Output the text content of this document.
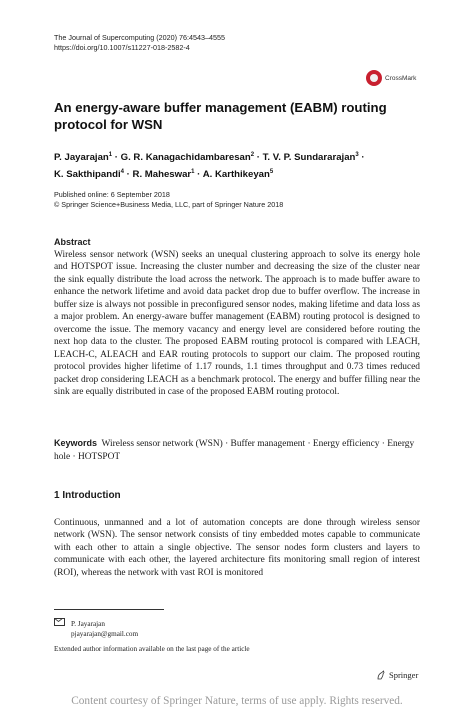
The Journal of Supercomputing (2020) 76:4543–4555
https://doi.org/10.1007/s11227-018-2582-4
CrossMark
An energy-aware buffer management (EABM) routing
protocol for WSN
P. Jayarajan$^1$ · G. R. Kanagachidambaresan$^2$ · T. V. P. Sundararajan$^3$ ·
K. Sakthipandi$^4$ · R. Maheswar$^1$ · A. Karthikeyan$^5$
Published online: 6 September 2018
© Springer Science+Business Media, LLC, part of Springer Nature 2018
Abstract
Wireless sensor network (WSN) seeks an unequal clustering approach to solve its energy hole and HOTSPOT issue. Increasing the cluster number and decreasing the size of the cluster near the sink equally distribute the load across the network. The approach is to made buffer aware to enhance the network lifetime and avoid data packet drop due to buffer overflow. The increase in buffer size is always not possible in preconfigured sensor nodes, making lifetime and data loss as a major problem. An energy-aware buffer management (EABM) routing protocol is designed to overcome the issue. The memory vacancy and energy level are considered before routing the next hop data to the cluster. The proposed EABM routing protocol is compared with LEACH, LEACH-C, ALEACH and EAR routing protocols to support our claim. The proposed routing protocol provides higher lifetime of 1.17 rounds, 1.1 times throughput and 0.73 times reduced packet drop considering LEACH as a benchmark protocol. The energy and buffer filling near the sink are equally distributed in case of the proposed EABM routing protocol.
Keywords Wireless sensor network (WSN) · Buffer management · Energy efficiency · Energy hole · HOTSPOT
1 Introduction
Continuous, unmanned and a lot of automation concepts are done through wireless sensor network (WSN). The sensor network consists of tiny embedded motes capable to communicate with each other to attain a single objective. The sensor nodes form clusters and layers to communicate with each other, the layered architecture fits monitoring small region of interest (ROI), whereas the network with vast ROI is monitored
P. Jayarajan
pjayarajan@gmail.com
Extended author information available on the last page of the article
Springer
Content courtesy of Springer Nature, terms of use apply. Rights reserved.
